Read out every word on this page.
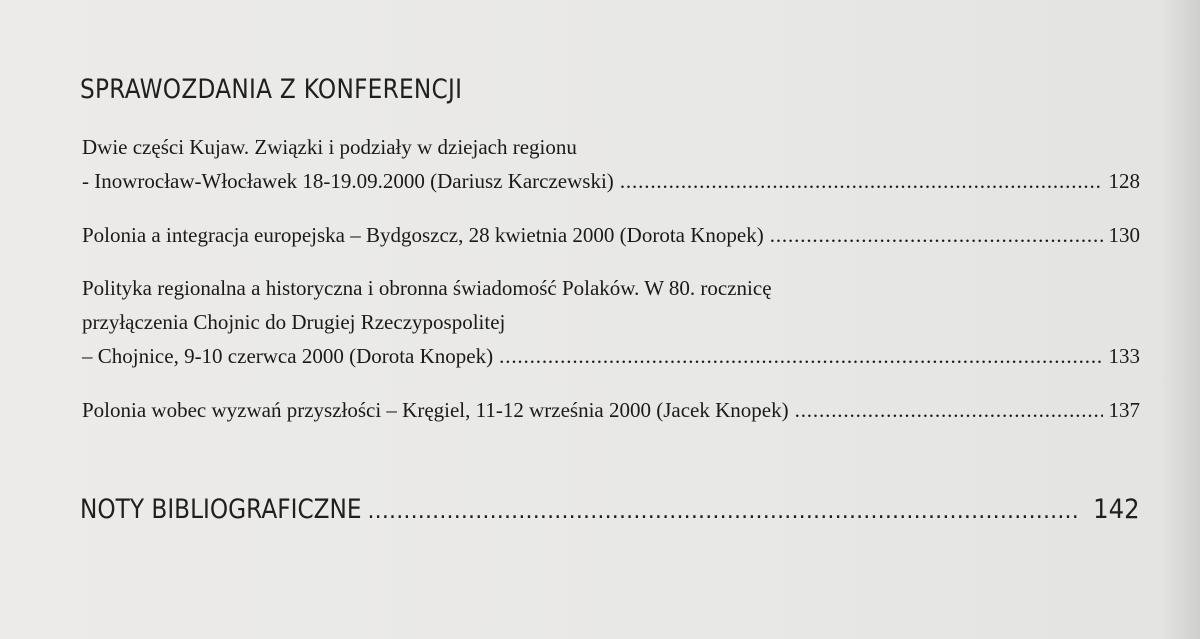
SPRAWOZDANIA Z KONFERENCJI
Dwie części Kujaw. Związki i podziały w dziejach regionu
- Inowrocław-Włocławek 18-19.09.2000 (Dariusz Karczewski) . . .	128
Polonia a integracja europejska – Bydgoszcz, 28 kwietnia 2000 (Dorota Knopek) . . .	130
Polityka regionalna a historyczna i obronna świadomość Polaków. W 80. rocznicę
przyłączenia Chojnic do Drugiej Rzeczypospolitej
– Chojnice, 9-10 czerwca 2000 (Dorota Knopek) . . .	133
Polonia wobec wyzwań przyszłości – Kręgiel, 11-12 września 2000 (Jacek Knopek) . . .	137
NOTY BIBLIOGRAFICZNE . . .	142
